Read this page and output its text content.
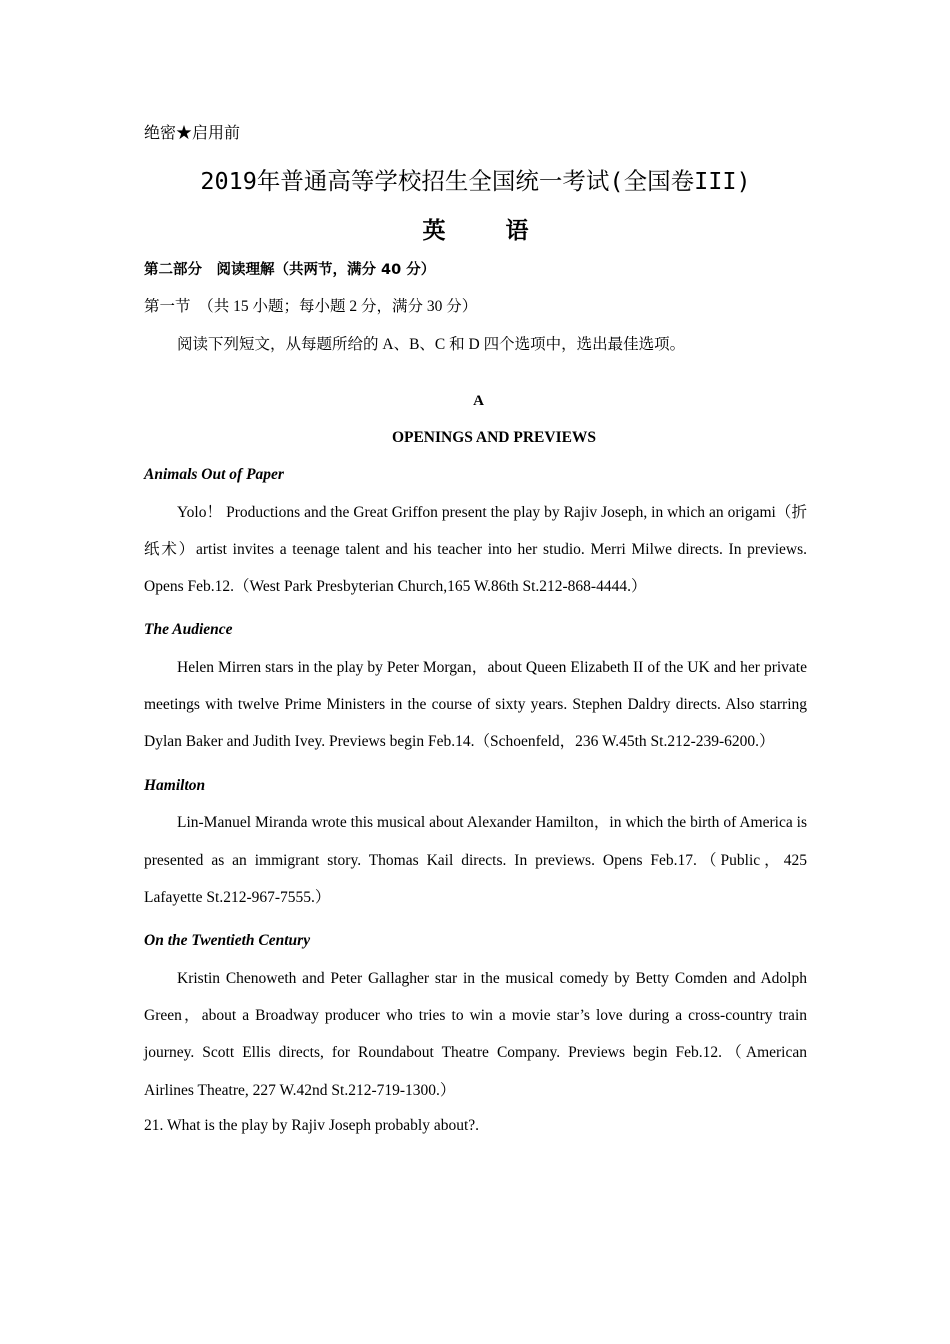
绝密★启用前
2019年普通高等学校招生全国统一考试(全国卷III)
英 语
第二部分　阅读理解（共两节，满分 40 分）
第一节　（共 15 小题；每小题 2 分，满分 30 分）
阅读下列短文，从每题所给的 A、B、C 和 D 四个选项中，选出最佳选项。
A
OPENINGS AND PREVIEWS
Animals Out of Paper
Yolo！ Productions and the Great Griffon present the play by Rajiv Joseph, in which an origami（折纸术）artist invites a teenage talent and his teacher into her studio. Merri Milwe directs. In previews. Opens Feb.12.（West Park Presbyterian Church,165 W.86th St.212-868-4444.）
The Audience
Helen Mirren stars in the play by Peter Morgan，about Queen Elizabeth II of the UK and her private meetings with twelve Prime Ministers in the course of sixty years. Stephen Daldry directs. Also starring Dylan Baker and Judith Ivey. Previews begin Feb.14.（Schoenfeld，236 W.45th St.212-239-6200.）
Hamilton
Lin-Manuel Miranda wrote this musical about Alexander Hamilton，in which the birth of America is presented as an immigrant story. Thomas Kail directs. In previews. Opens Feb.17.（Public，425 Lafayette St.212-967-7555.）
On the Twentieth Century
Kristin Chenoweth and Peter Gallagher star in the musical comedy by Betty Comden and Adolph Green，about a Broadway producer who tries to win a movie star’s love during a cross-country train journey. Scott Ellis directs, for Roundabout Theatre Company. Previews begin Feb.12.（American Airlines Theatre, 227 W.42nd St.212-719-1300.）
21. What is the play by Rajiv Joseph probably about?.
